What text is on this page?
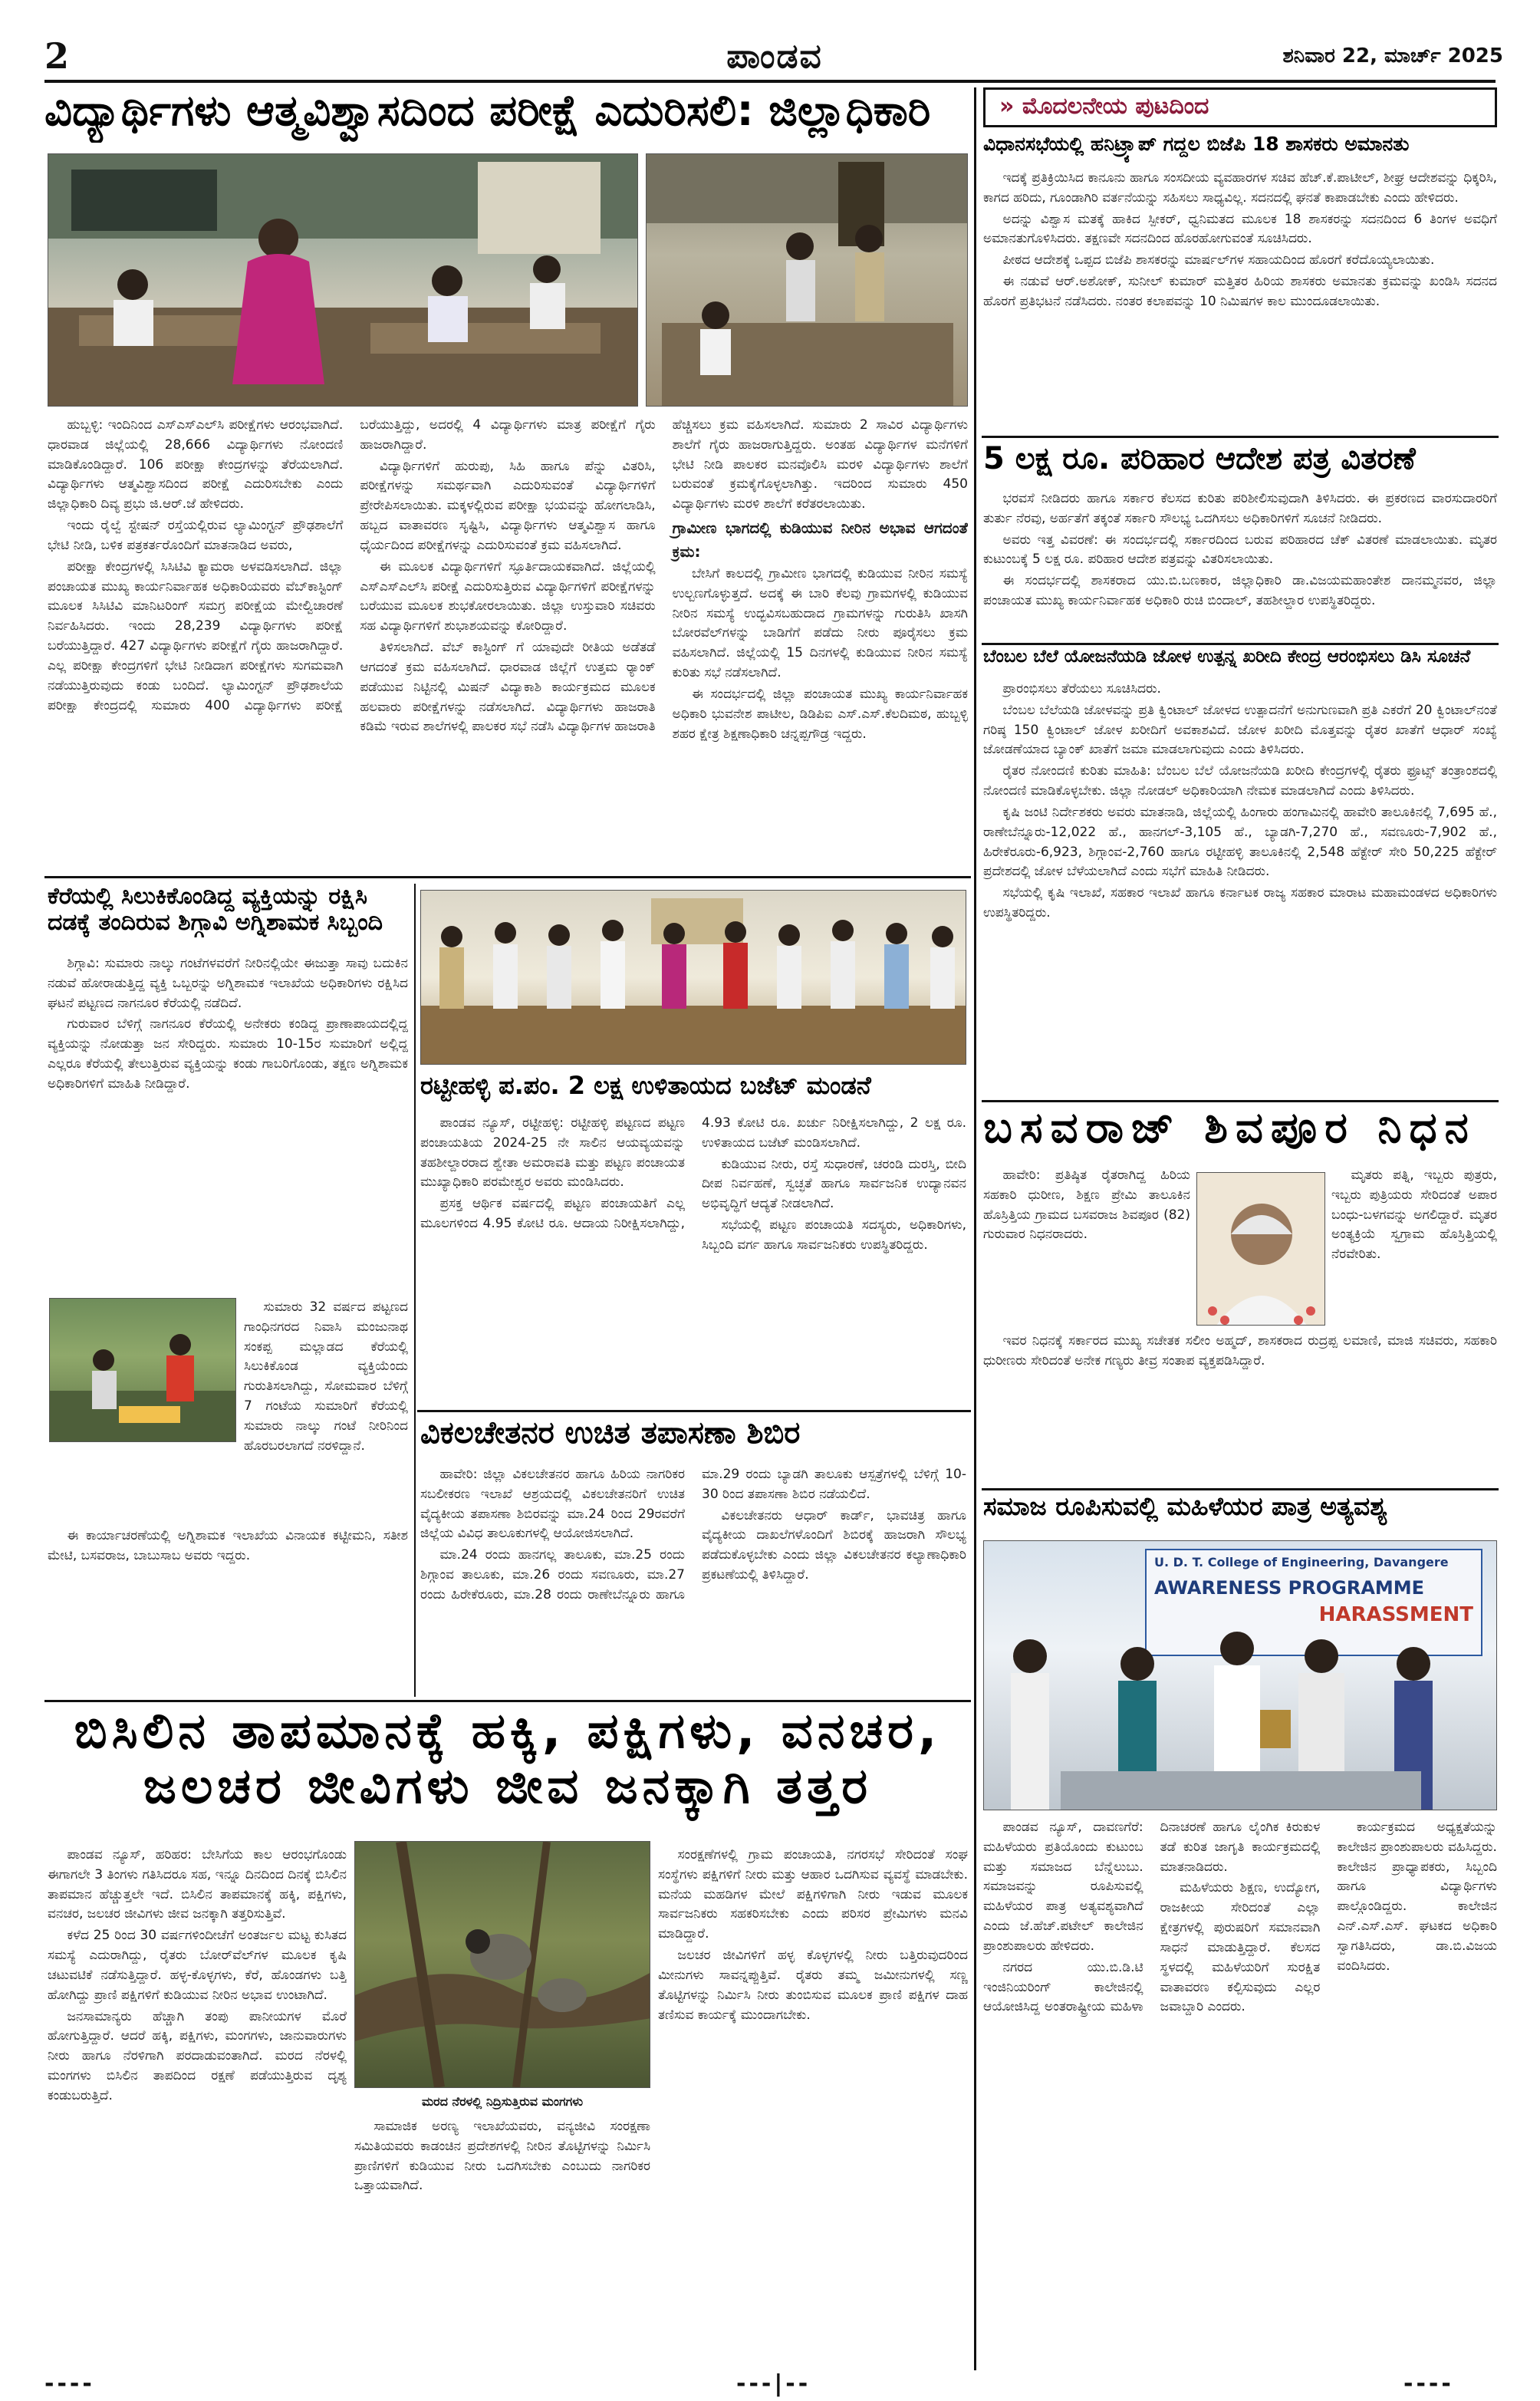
2	ಪಾಂಡವ	ಶನಿವಾರ 22, ಮಾರ್ಚ್ 2025
ವಿದ್ಯಾರ್ಥಿಗಳು ಆತ್ಮವಿಶ್ವಾಸದಿಂದ ಪರೀಕ್ಷೆ ಎದುರಿಸಲಿ: ಜಿಲ್ಲಾಧಿಕಾರಿ

ಹುಬ್ಬಳ್ಳಿ: ಇಂದಿನಿಂದ ಎಸ್‌ಎಸ್‌ಎಲ್‌ಸಿ ಪರೀಕ್ಷೆಗಳು ಆರಂಭವಾಗಿದೆ. ಧಾರವಾಡ ಜಿಲ್ಲೆಯಲ್ಲಿ 28,666 ವಿದ್ಯಾರ್ಥಿಗಳು ನೋಂದಣಿ ಮಾಡಿಕೊಂಡಿದ್ದಾರೆ. 106 ಪರೀಕ್ಷಾ ಕೇಂದ್ರಗಳನ್ನು ತೆರೆಯಲಾಗಿದೆ. ವಿದ್ಯಾರ್ಥಿಗಳು ಆತ್ಮವಿಶ್ವಾಸದಿಂದ ಪರೀಕ್ಷೆ ಎದುರಿಸಬೇಕು ಎಂದು ಜಿಲ್ಲಾಧಿಕಾರಿ ದಿವ್ಯ ಪ್ರಭು ಜಿ.ಆರ್.ಜೆ ಹೇಳಿದರು.

ಇಂದು ರೈಲ್ವೆ ಸ್ಟೇಷನ್ ರಸ್ತೆಯಲ್ಲಿರುವ ಲ್ಯಾಮಿಂಗ್ಟನ್ ಪ್ರೌಢಶಾಲೆಗೆ ಭೇಟಿ ನೀಡಿ, ಬಳಿಕ ಪತ್ರಕರ್ತರೊಂದಿಗೆ ಮಾತನಾಡಿದ ಅವರು,

ಪರೀಕ್ಷಾ ಕೇಂದ್ರಗಳಲ್ಲಿ ಸಿಸಿಟಿವಿ ಕ್ಯಾಮರಾ ಅಳವಡಿಸಲಾಗಿದೆ. ಜಿಲ್ಲಾ ಪಂಚಾಯತ ಮುಖ್ಯ ಕಾರ್ಯನಿರ್ವಾಹಕ ಅಧಿಕಾರಿಯವರು ವೆಬ್‌ಕಾಸ್ಟಿಂಗ್ ಮೂಲಕ ಸಿಸಿಟಿವಿ ಮಾನಿಟರಿಂಗ್ ಸಮಗ್ರ ಪರೀಕ್ಷೆಯ ಮೇಲ್ವಿಚಾರಣೆ ನಿರ್ವಹಿಸಿದರು. ಇಂದು 28,239 ವಿದ್ಯಾರ್ಥಿಗಳು ಪರೀಕ್ಷೆ ಬರೆಯುತ್ತಿದ್ದಾರೆ. 427 ವಿದ್ಯಾರ್ಥಿಗಳು ಪರೀಕ್ಷೆಗೆ ಗೈರು ಹಾಜರಾಗಿದ್ದಾರೆ. ಎಲ್ಲ ಪರೀಕ್ಷಾ ಕೇಂದ್ರಗಳಿಗೆ ಭೇಟಿ ನೀಡಿದಾಗ ಪರೀಕ್ಷೆಗಳು ಸುಗಮವಾಗಿ ನಡೆಯುತ್ತಿರುವುದು ಕಂಡು ಬಂದಿದೆ. ಲ್ಯಾಮಿಂಗ್ಟನ್ ಪ್ರೌಢಶಾಲೆಯ ಪರೀಕ್ಷಾ ಕೇಂದ್ರದಲ್ಲಿ ಸುಮಾರು 400 ವಿದ್ಯಾರ್ಥಿಗಳು ಪರೀಕ್ಷೆ ಬರೆಯುತ್ತಿದ್ದು, ಅದರಲ್ಲಿ 4 ವಿದ್ಯಾರ್ಥಿಗಳು ಮಾತ್ರ ಪರೀಕ್ಷೆಗೆ ಗೈರು ಹಾಜರಾಗಿದ್ದಾರೆ.

ವಿದ್ಯಾರ್ಥಿಗಳಿಗೆ ಹುರುಪು, ಸಿಹಿ ಹಾಗೂ ಪೆನ್ನು ವಿತರಿಸಿ, ಪರೀಕ್ಷೆಗಳನ್ನು ಸಮರ್ಥವಾಗಿ ಎದುರಿಸುವಂತೆ ವಿದ್ಯಾರ್ಥಿಗಳಿಗೆ ಪ್ರೇರೇಪಿಸಲಾಯಿತು. ಮಕ್ಕಳಲ್ಲಿರುವ ಪರೀಕ್ಷಾ ಭಯವನ್ನು ಹೋಗಲಾಡಿಸಿ, ಹಬ್ಬದ ವಾತಾವರಣ ಸೃಷ್ಟಿಸಿ, ವಿದ್ಯಾರ್ಥಿಗಳು ಆತ್ಮವಿಶ್ವಾಸ ಹಾಗೂ ಧೈರ್ಯದಿಂದ ಪರೀಕ್ಷೆಗಳನ್ನು ಎದುರಿಸುವಂತೆ ಕ್ರಮ ವಹಿಸಲಾಗಿದೆ.

ಈ ಮೂಲಕ ವಿದ್ಯಾರ್ಥಿಗಳಿಗೆ ಸ್ಫೂರ್ತಿದಾಯಕವಾಗಿದೆ. ಜಿಲ್ಲೆಯಲ್ಲಿ ಎಸ್‌ಎಸ್‌ಎಲ್‌ಸಿ ಪರೀಕ್ಷೆ ಎದುರಿಸುತ್ತಿರುವ ವಿದ್ಯಾರ್ಥಿಗಳಿಗೆ ಪರೀಕ್ಷೆಗಳನ್ನು ಬರೆಯುವ ಮೂಲಕ ಶುಭಕೋರಲಾಯಿತು. ಜಿಲ್ಲಾ ಉಸ್ತುವಾರಿ ಸಚಿವರು ಸಹ ವಿದ್ಯಾರ್ಥಿಗಳಿಗೆ ಶುಭಾಶಯವನ್ನು ಕೋರಿದ್ದಾರೆ.

ತಿಳಿಸಲಾಗಿದೆ. ವೆಬ್ ಕಾಸ್ಟಿಂಗ್ ಗೆ ಯಾವುದೇ ರೀತಿಯ ಅಡೆತಡೆ ಆಗದಂತೆ ಕ್ರಮ ವಹಿಸಲಾಗಿದೆ. ಧಾರವಾಡ ಜಿಲ್ಲೆಗೆ ಉತ್ತಮ ರ್‍ಯಾಂಕ್ ಪಡೆಯುವ ನಿಟ್ಟಿನಲ್ಲಿ ಮಿಷನ್ ವಿದ್ಯಾಕಾಶಿ ಕಾರ್ಯಕ್ರಮದ ಮೂಲಕ ಹಲವಾರು ಪರೀಕ್ಷೆಗಳನ್ನು ನಡೆಸಲಾಗಿದೆ. ವಿದ್ಯಾರ್ಥಿಗಳು ಹಾಜರಾತಿ ಕಡಿಮೆ ಇರುವ ಶಾಲೆಗಳಲ್ಲಿ ಪಾಲಕರ ಸಭೆ ನಡೆಸಿ ವಿದ್ಯಾರ್ಥಿಗಳ ಹಾಜರಾತಿ ಹೆಚ್ಚಿಸಲು ಕ್ರಮ ವಹಿಸಲಾಗಿದೆ. ಸುಮಾರು 2 ಸಾವಿರ ವಿದ್ಯಾರ್ಥಿಗಳು ಶಾಲೆಗೆ ಗೈರು ಹಾಜರಾಗುತ್ತಿದ್ದರು. ಅಂತಹ ವಿದ್ಯಾರ್ಥಿಗಳ ಮನೆಗಳಿಗೆ ಭೇಟಿ ನೀಡಿ ಪಾಲಕರ ಮನವೊಲಿಸಿ ಮರಳಿ ವಿದ್ಯಾರ್ಥಿಗಳು ಶಾಲೆಗೆ ಬರುವಂತೆ ಕ್ರಮಕೈಗೊಳ್ಳಲಾಗಿತ್ತು. ಇದರಿಂದ ಸುಮಾರು 450 ವಿದ್ಯಾರ್ಥಿಗಳು ಮರಳಿ ಶಾಲೆಗೆ ಕರೆತರಲಾಯಿತು.

ಗ್ರಾಮೀಣ ಭಾಗದಲ್ಲಿ ಕುಡಿಯುವ ನೀರಿನ ಅಭಾವ ಆಗದಂತೆ ಕ್ರಮ:

ಬೇಸಿಗೆ ಕಾಲದಲ್ಲಿ ಗ್ರಾಮೀಣ ಭಾಗದಲ್ಲಿ ಕುಡಿಯುವ ನೀರಿನ ಸಮಸ್ಯೆ ಉಲ್ಬಣಗೊಳ್ಳುತ್ತದೆ. ಅದಕ್ಕೆ ಈ ಬಾರಿ ಕೆಲವು ಗ್ರಾಮಗಳಲ್ಲಿ ಕುಡಿಯುವ ನೀರಿನ ಸಮಸ್ಯೆ ಉದ್ಭವಿಸಬಹುದಾದ ಗ್ರಾಮಗಳನ್ನು ಗುರುತಿಸಿ ಖಾಸಗಿ ಬೋರವೆಲ್‌ಗಳನ್ನು ಬಾಡಿಗೆಗೆ ಪಡೆದು ನೀರು ಪೂರೈಸಲು ಕ್ರಮ ವಹಿಸಲಾಗಿದೆ. ಜಿಲ್ಲೆಯಲ್ಲಿ 15 ದಿನಗಳಲ್ಲಿ ಕುಡಿಯುವ ನೀರಿನ ಸಮಸ್ಯೆ ಕುರಿತು ಸಭೆ ನಡೆಸಲಾಗಿದೆ.

ಈ ಸಂದರ್ಭದಲ್ಲಿ ಜಿಲ್ಲಾ ಪಂಚಾಯತ ಮುಖ್ಯ ಕಾರ್ಯನಿರ್ವಾಹಕ ಅಧಿಕಾರಿ ಭುವನೇಶ ಪಾಟೀಲ, ಡಿಡಿಪಿಐ ಎಸ್.ಎಸ್.ಕೆಲದಿಮಠ, ಹುಬ್ಬಳ್ಳಿ ಶಹರ ಕ್ಷೇತ್ರ ಶಿಕ್ಷಣಾಧಿಕಾರಿ ಚನ್ನಪ್ಪಗೌಡ್ರ ಇದ್ದರು.

ಕೆರೆಯಲ್ಲಿ ಸಿಲುಕಿಕೊಂಡಿದ್ದ ವ್ಯಕ್ತಿಯನ್ನು ರಕ್ಷಿಸಿ ದಡಕ್ಕೆ ತಂದಿರುವ ಶಿಗ್ಗಾವಿ ಅಗ್ನಿಶಾಮಕ ಸಿಬ್ಬಂದಿ

ಶಿಗ್ಗಾವಿ: ಸುಮಾರು ನಾಲ್ಕು ಗಂಟೆಗಳವರೆಗೆ ನೀರಿನಲ್ಲಿಯೇ ಈಜುತ್ತಾ ಸಾವು ಬದುಕಿನ ನಡುವೆ ಹೋರಾಡುತ್ತಿದ್ದ ವ್ಯಕ್ತಿ ಒಬ್ಬರನ್ನು ಅಗ್ನಿಶಾಮಕ ಇಲಾಖೆಯ ಅಧಿಕಾರಿಗಳು ರಕ್ಷಿಸಿದ ಘಟನೆ ಪಟ್ಟಣದ ನಾಗನೂರ ಕೆರೆಯಲ್ಲಿ ನಡೆದಿದೆ.

ಗುರುವಾರ ಬೆಳಿಗ್ಗೆ ನಾಗನೂರ ಕೆರೆಯಲ್ಲಿ ಅನೇಕರು ಕಂಡಿದ್ದ ಪ್ರಾಣಾಪಾಯದಲ್ಲಿದ್ದ ವ್ಯಕ್ತಿಯನ್ನು ನೋಡುತ್ತಾ ಜನ ಸೇರಿದ್ದರು. ಸುಮಾರು 10-15ರ ಸುಮಾರಿಗೆ ಅಲ್ಲಿದ್ದ ಎಲ್ಲರೂ ಕೆರೆಯಲ್ಲಿ ತೇಲುತ್ತಿರುವ ವ್ಯಕ್ತಿಯನ್ನು ಕಂಡು ಗಾಬರಿಗೊಂಡು, ತಕ್ಷಣ ಅಗ್ನಿಶಾಮಕ ಅಧಿಕಾರಿಗಳಿಗೆ ಮಾಹಿತಿ ನೀಡಿದ್ದಾರೆ.

ಸುಮಾರು 32 ವರ್ಷದ ಪಟ್ಟಣದ ಗಾಂಧಿನಗರದ ನಿವಾಸಿ ಮಂಜುನಾಥ ಸಂಕಪ್ಪ ಮಲ್ಲಾಡದ ಕೆರೆಯಲ್ಲಿ ಸಿಲುಕಿಕೊಂಡ ವ್ಯಕ್ತಿಯೆಂದು ಗುರುತಿಸಲಾಗಿದ್ದು, ಸೋಮವಾರ ಬೆಳಿಗ್ಗೆ 7 ಗಂಟೆಯ ಸುಮಾರಿಗೆ ಕೆರೆಯಲ್ಲಿ ಸುಮಾರು ನಾಲ್ಕು ಗಂಟೆ ನೀರಿನಿಂದ ಹೊರಬರಲಾಗದೆ ನರಳಿದ್ದಾನೆ.

ಈ ಕಾರ್ಯಾಚರಣೆಯಲ್ಲಿ ಅಗ್ನಿಶಾಮಕ ಇಲಾಖೆಯ ವಿನಾಯಕ ಕಟ್ಟೀಮನಿ, ಸತೀಶ ಮೇಟಿ, ಬಸವರಾಜ, ಬಾಬುಸಾಬ ಅವರು ಇದ್ದರು.

ರಟ್ಟೀಹಳ್ಳಿ ಪ.ಪಂ. 2 ಲಕ್ಷ ಉಳಿತಾಯದ ಬಜೆಟ್ ಮಂಡನೆ

ಪಾಂಡವ ನ್ಯೂಸ್, ರಟ್ಟೀಹಳ್ಳಿ: ರಟ್ಟೀಹಳ್ಳಿ ಪಟ್ಟಣದ ಪಟ್ಟಣ ಪಂಚಾಯತಿಯ 2024-25 ನೇ ಸಾಲಿನ ಆಯವ್ಯಯವನ್ನು ತಹಶೀಲ್ದಾರರಾದ ಶ್ವೇತಾ ಅಮರಾವತಿ ಮತ್ತು ಪಟ್ಟಣ ಪಂಚಾಯತ ಮುಖ್ಯಾಧಿಕಾರಿ ಪರಮೇಶ್ವರ ಅವರು ಮಂಡಿಸಿದರು.

ಪ್ರಸಕ್ತ ಆರ್ಥಿಕ ವರ್ಷದಲ್ಲಿ ಪಟ್ಟಣ ಪಂಚಾಯತಿಗೆ ಎಲ್ಲ ಮೂಲಗಳಿಂದ 4.95 ಕೋಟಿ ರೂ. ಆದಾಯ ನಿರೀಕ್ಷಿಸಲಾಗಿದ್ದು, 4.93 ಕೋಟಿ ರೂ. ಖರ್ಚು ನಿರೀಕ್ಷಿಸಲಾಗಿದ್ದು, 2 ಲಕ್ಷ ರೂ. ಉಳಿತಾಯದ ಬಜೆಟ್ ಮಂಡಿಸಲಾಗಿದೆ.

ಕುಡಿಯುವ ನೀರು, ರಸ್ತೆ ಸುಧಾರಣೆ, ಚರಂಡಿ ದುರಸ್ತಿ, ಬೀದಿ ದೀಪ ನಿರ್ವಹಣೆ, ಸ್ವಚ್ಛತೆ ಹಾಗೂ ಸಾರ್ವಜನಿಕ ಉದ್ಯಾನವನ ಅಭಿವೃದ್ಧಿಗೆ ಆದ್ಯತೆ ನೀಡಲಾಗಿದೆ.

ಸಭೆಯಲ್ಲಿ ಪಟ್ಟಣ ಪಂಚಾಯತಿ ಸದಸ್ಯರು, ಅಧಿಕಾರಿಗಳು, ಸಿಬ್ಬಂದಿ ವರ್ಗ ಹಾಗೂ ಸಾರ್ವಜನಿಕರು ಉಪಸ್ಥಿತರಿದ್ದರು.

ವಿಕಲಚೇತನರ ಉಚಿತ ತಪಾಸಣಾ ಶಿಬಿರ

ಹಾವೇರಿ: ಜಿಲ್ಲಾ ವಿಕಲಚೇತನರ ಹಾಗೂ ಹಿರಿಯ ನಾಗರಿಕರ ಸಬಲೀಕರಣ ಇಲಾಖೆ ಆಶ್ರಯದಲ್ಲಿ ವಿಕಲಚೇತನರಿಗೆ ಉಚಿತ ವೈದ್ಯಕೀಯ ತಪಾಸಣಾ ಶಿಬಿರವನ್ನು ಮಾ.24 ರಿಂದ 29ರವರೆಗೆ ಜಿಲ್ಲೆಯ ವಿವಿಧ ತಾಲೂಕುಗಳಲ್ಲಿ ಆಯೋಜಿಸಲಾಗಿದೆ.

ಮಾ.24 ರಂದು ಹಾನಗಲ್ಲ ತಾಲೂಕು, ಮಾ.25 ರಂದು ಶಿಗ್ಗಾಂವ ತಾಲೂಕು, ಮಾ.26 ರಂದು ಸವಣೂರು, ಮಾ.27 ರಂದು ಹಿರೇಕೆರೂರು, ಮಾ.28 ರಂದು ರಾಣೇಬೆನ್ನೂರು ಹಾಗೂ ಮಾ.29 ರಂದು ಬ್ಯಾಡಗಿ ತಾಲೂಕು ಆಸ್ಪತ್ರೆಗಳಲ್ಲಿ ಬೆಳಿಗ್ಗೆ 10-30 ರಿಂದ ತಪಾಸಣಾ ಶಿಬಿರ ನಡೆಯಲಿದೆ.

ವಿಕಲಚೇತನರು ಆಧಾರ್ ಕಾರ್ಡ್, ಭಾವಚಿತ್ರ ಹಾಗೂ ವೈದ್ಯಕೀಯ ದಾಖಲೆಗಳೊಂದಿಗೆ ಶಿಬಿರಕ್ಕೆ ಹಾಜರಾಗಿ ಸೌಲಭ್ಯ ಪಡೆದುಕೊಳ್ಳಬೇಕು ಎಂದು ಜಿಲ್ಲಾ ವಿಕಲಚೇತನರ ಕಲ್ಯಾಣಾಧಿಕಾರಿ ಪ್ರಕಟಣೆಯಲ್ಲಿ ತಿಳಿಸಿದ್ದಾರೆ.

ಬಿಸಿಲಿನ ತಾಪಮಾನಕ್ಕೆ ಹಕ್ಕಿ, ಪಕ್ಷಿಗಳು, ವನಚರ, ಜಲಚರ ಜೀವಿಗಳು ಜೀವ ಜನಕ್ಕಾಗಿ ತತ್ತರ

ಪಾಂಡವ ನ್ಯೂಸ್, ಹರಿಹರ: ಬೇಸಿಗೆಯ ಕಾಲ ಆರಂಭಗೊಂಡು ಈಗಾಗಲೇ 3 ತಿಂಗಳು ಗತಿಸಿದರೂ ಸಹ, ಇನ್ನೂ ದಿನದಿಂದ ದಿನಕ್ಕೆ ಬಿಸಿಲಿನ ತಾಪಮಾನ ಹೆಚ್ಚುತ್ತಲೇ ಇದೆ. ಬಿಸಿಲಿನ ತಾಪಮಾನಕ್ಕೆ ಹಕ್ಕಿ, ಪಕ್ಷಿಗಳು, ವನಚರ, ಜಲಚರ ಜೀವಿಗಳು ಜೀವ ಜನಕ್ಕಾಗಿ ತತ್ತರಿಸುತ್ತಿವೆ.

ಕಳೆದ 25 ರಿಂದ 30 ವರ್ಷಗಳಿಂದೀಚೆಗೆ ಅಂತರ್ಜಲ ಮಟ್ಟ ಕುಸಿತದ ಸಮಸ್ಯೆ ಎದುರಾಗಿದ್ದು, ರೈತರು ಬೋರ್‌ವೆಲ್‌ಗಳ ಮೂಲಕ ಕೃಷಿ ಚಟುವಟಿಕೆ ನಡೆಸುತ್ತಿದ್ದಾರೆ. ಹಳ್ಳ-ಕೊಳ್ಳಗಳು, ಕೆರೆ, ಹೊಂಡಗಳು ಬತ್ತಿ ಹೋಗಿದ್ದು ಪ್ರಾಣಿ ಪಕ್ಷಿಗಳಿಗೆ ಕುಡಿಯುವ ನೀರಿನ ಅಭಾವ ಉಂಟಾಗಿದೆ.

ಜನಸಾಮಾನ್ಯರು ಹೆಚ್ಚಾಗಿ ತಂಪು ಪಾನೀಯಗಳ ಮೊರೆ ಹೋಗುತ್ತಿದ್ದಾರೆ. ಆದರೆ ಹಕ್ಕಿ, ಪಕ್ಷಿಗಳು, ಮಂಗಗಳು, ಜಾನುವಾರುಗಳು ನೀರು ಹಾಗೂ ನೆರಳಿಗಾಗಿ ಪರದಾಡುವಂತಾಗಿದೆ. ಮರದ ನೆರಳಲ್ಲಿ ಮಂಗಗಳು ಬಿಸಿಲಿನ ತಾಪದಿಂದ ರಕ್ಷಣೆ ಪಡೆಯುತ್ತಿರುವ ದೃಶ್ಯ ಕಂಡುಬರುತ್ತಿದೆ.	ಮರದ ನೆರಳಲ್ಲಿ ನಿದ್ರಿಸುತ್ತಿರುವ ಮಂಗಗಳು

ಸಾಮಾಜಿಕ ಅರಣ್ಯ ಇಲಾಖೆಯವರು, ವನ್ಯಜೀವಿ ಸಂರಕ್ಷಣಾ ಸಮಿತಿಯವರು ಕಾಡಂಚಿನ ಪ್ರದೇಶಗಳಲ್ಲಿ ನೀರಿನ ತೊಟ್ಟಿಗಳನ್ನು ನಿರ್ಮಿಸಿ ಪ್ರಾಣಿಗಳಿಗೆ ಕುಡಿಯುವ ನೀರು ಒದಗಿಸಬೇಕು ಎಂಬುದು ನಾಗರಿಕರ ಒತ್ತಾಯವಾಗಿದೆ.

ಸಂರಕ್ಷಣೆಗಳಲ್ಲಿ ಗ್ರಾಮ ಪಂಚಾಯತಿ, ನಗರಸಭೆ ಸೇರಿದಂತೆ ಸಂಘ ಸಂಸ್ಥೆಗಳು ಪಕ್ಷಿಗಳಿಗೆ ನೀರು ಮತ್ತು ಆಹಾರ ಒದಗಿಸುವ ವ್ಯವಸ್ಥೆ ಮಾಡಬೇಕು. ಮನೆಯ ಮಹಡಿಗಳ ಮೇಲೆ ಪಕ್ಷಿಗಳಿಗಾಗಿ ನೀರು ಇಡುವ ಮೂಲಕ ಸಾರ್ವಜನಿಕರು ಸಹಕರಿಸಬೇಕು ಎಂದು ಪರಿಸರ ಪ್ರೇಮಿಗಳು ಮನವಿ ಮಾಡಿದ್ದಾರೆ.

ಜಲಚರ ಜೀವಿಗಳಿಗೆ ಹಳ್ಳ ಕೊಳ್ಳಗಳಲ್ಲಿ ನೀರು ಬತ್ತಿರುವುದರಿಂದ ಮೀನುಗಳು ಸಾವನ್ನಪ್ಪುತ್ತಿವೆ. ರೈತರು ತಮ್ಮ ಜಮೀನುಗಳಲ್ಲಿ ಸಣ್ಣ ತೊಟ್ಟಿಗಳನ್ನು ನಿರ್ಮಿಸಿ ನೀರು ತುಂಬಿಸುವ ಮೂಲಕ ಪ್ರಾಣಿ ಪಕ್ಷಿಗಳ ದಾಹ ತಣಿಸುವ ಕಾರ್ಯಕ್ಕೆ ಮುಂದಾಗಬೇಕು.

» ಮೊದಲನೇಯ ಪುಟದಿಂದ
ವಿಧಾನಸಭೆಯಲ್ಲಿ ಹನಿಟ್ರ್ಯಾಪ್ ಗದ್ದಲ ಬಿಜೆಪಿ 18 ಶಾಸಕರು ಅಮಾನತು

ಇದಕ್ಕೆ ಪ್ರತಿಕ್ರಿಯಿಸಿದ ಕಾನೂನು ಹಾಗೂ ಸಂಸದೀಯ ವ್ಯವಹಾರಗಳ ಸಚಿವ ಹೆಚ್.ಕೆ.ಪಾಟೀಲ್, ಶೀಘ್ರ ಆದೇಶವನ್ನು ಧಿಕ್ಕರಿಸಿ, ಕಾಗದ ಹರಿದು, ಗೂಂಡಾಗಿರಿ ವರ್ತನೆಯನ್ನು ಸಹಿಸಲು ಸಾಧ್ಯವಿಲ್ಲ. ಸದನದಲ್ಲಿ ಘನತೆ ಕಾಪಾಡಬೇಕು ಎಂದು ಹೇಳಿದರು.

ಅದನ್ನು ವಿಶ್ವಾಸ ಮತಕ್ಕೆ ಹಾಕಿದ ಸ್ಪೀಕರ್, ಧ್ವನಿಮತದ ಮೂಲಕ 18 ಶಾಸಕರನ್ನು ಸದನದಿಂದ 6 ತಿಂಗಳ ಅವಧಿಗೆ ಅಮಾನತುಗೊಳಿಸಿದರು. ತಕ್ಷಣವೇ ಸದನದಿಂದ ಹೊರಹೋಗುವಂತೆ ಸೂಚಿಸಿದರು.

ಪೀಠದ ಆದೇಶಕ್ಕೆ ಒಪ್ಪದ ಬಿಜೆಪಿ ಶಾಸಕರನ್ನು ಮಾರ್ಷಲ್‌ಗಳ ಸಹಾಯದಿಂದ ಹೊರಗೆ ಕರೆದೊಯ್ಯಲಾಯಿತು.

ಈ ನಡುವೆ ಆರ್.ಅಶೋಕ್, ಸುನೀಲ್ ಕುಮಾರ್ ಮತ್ತಿತರ ಹಿರಿಯ ಶಾಸಕರು ಅಮಾನತು ಕ್ರಮವನ್ನು ಖಂಡಿಸಿ ಸದನದ ಹೊರಗೆ ಪ್ರತಿಭಟನೆ ನಡೆಸಿದರು. ನಂತರ ಕಲಾಪವನ್ನು 10 ನಿಮಿಷಗಳ ಕಾಲ ಮುಂದೂಡಲಾಯಿತು.

5 ಲಕ್ಷ ರೂ. ಪರಿಹಾರ ಆದೇಶ ಪತ್ರ ವಿತರಣೆ

ಭರವಸೆ ನೀಡಿದರು ಹಾಗೂ ಸರ್ಕಾರ ಕೆಲಸದ ಕುರಿತು ಪರಿಶೀಲಿಸುವುದಾಗಿ ತಿಳಿಸಿದರು. ಈ ಪ್ರಕರಣದ ವಾರಸುದಾರರಿಗೆ ತುರ್ತು ನೆರವು, ಅರ್ಹತೆಗೆ ತಕ್ಕಂತೆ ಸರ್ಕಾರಿ ಸೌಲಭ್ಯ ಒದಗಿಸಲು ಅಧಿಕಾರಿಗಳಿಗೆ ಸೂಚನೆ ನೀಡಿದರು.

ಅವರು ಇತ್ತ ವಿವರಣೆ: ಈ ಸಂದರ್ಭದಲ್ಲಿ ಸರ್ಕಾರದಿಂದ ಬರುವ ಪರಿಹಾರದ ಚೆಕ್ ವಿತರಣೆ ಮಾಡಲಾಯಿತು. ಮೃತರ ಕುಟುಂಬಕ್ಕೆ 5 ಲಕ್ಷ ರೂ. ಪರಿಹಾರ ಆದೇಶ ಪತ್ರವನ್ನು ವಿತರಿಸಲಾಯಿತು.

ಈ ಸಂದರ್ಭದಲ್ಲಿ ಶಾಸಕರಾದ ಯು.ಬಿ.ಬಣಕಾರ, ಜಿಲ್ಲಾಧಿಕಾರಿ ಡಾ.ವಿಜಯಮಹಾಂತೇಶ ದಾನಮ್ಮನವರ, ಜಿಲ್ಲಾ ಪಂಚಾಯತ ಮುಖ್ಯ ಕಾರ್ಯನಿರ್ವಾಹಕ ಅಧಿಕಾರಿ ರುಚಿ ಬಿಂದಾಲ್, ತಹಶೀಲ್ದಾರ ಉಪಸ್ಥಿತರಿದ್ದರು.

ಬೆಂಬಲ ಬೆಲೆ ಯೋಜನೆಯಡಿ ಜೋಳ ಉತ್ಪನ್ನ ಖರೀದಿ ಕೇಂದ್ರ ಆರಂಭಿಸಲು ಡಿಸಿ ಸೂಚನೆ

ಪ್ರಾರಂಭಿಸಲು ತೆರೆಯಲು ಸೂಚಿಸಿದರು.

ಬೆಂಬಲ ಬೆಲೆಯಡಿ ಜೋಳವನ್ನು ಪ್ರತಿ ಕ್ವಿಂಟಾಲ್ ಜೋಳದ ಉತ್ಪಾದನೆಗೆ ಅನುಗುಣವಾಗಿ ಪ್ರತಿ ಎಕರೆಗೆ 20 ಕ್ವಿಂಟಾಲ್‌ನಂತೆ ಗರಿಷ್ಠ 150 ಕ್ವಿಂಟಾಲ್ ಜೋಳ ಖರೀದಿಗೆ ಅವಕಾಶವಿದೆ. ಜೋಳ ಖರೀದಿ ಮೊತ್ತವನ್ನು ರೈತರ ಖಾತೆಗೆ ಆಧಾರ್ ಸಂಖ್ಯೆ ಜೋಡಣೆಯಾದ ಬ್ಯಾಂಕ್ ಖಾತೆಗೆ ಜಮಾ ಮಾಡಲಾಗುವುದು ಎಂದು ತಿಳಿಸಿದರು.

ರೈತರ ನೋಂದಣಿ ಕುರಿತು ಮಾಹಿತಿ: ಬೆಂಬಲ ಬೆಲೆ ಯೋಜನೆಯಡಿ ಖರೀದಿ ಕೇಂದ್ರಗಳಲ್ಲಿ ರೈತರು ಫ್ರೂಟ್ಸ್ ತಂತ್ರಾಂಶದಲ್ಲಿ ನೋಂದಣಿ ಮಾಡಿಕೊಳ್ಳಬೇಕು. ಜಿಲ್ಲಾ ನೋಡಲ್ ಅಧಿಕಾರಿಯಾಗಿ ನೇಮಕ ಮಾಡಲಾಗಿದೆ ಎಂದು ತಿಳಿಸಿದರು.

ಕೃಷಿ ಜಂಟಿ ನಿರ್ದೇಶಕರು ಅವರು ಮಾತನಾಡಿ, ಜಿಲ್ಲೆಯಲ್ಲಿ ಹಿಂಗಾರು ಹಂಗಾಮಿನಲ್ಲಿ ಹಾವೇರಿ ತಾಲೂಕಿನಲ್ಲಿ 7,695 ಹೆ., ರಾಣೇಬೆನ್ನೂರು-12,022 ಹೆ., ಹಾನಗಲ್-3,105 ಹೆ., ಬ್ಯಾಡಗಿ-7,270 ಹೆ., ಸವಣೂರು-7,902 ಹೆ., ಹಿರೇಕೆರೂರು-6,923, ಶಿಗ್ಗಾಂವ-2,760 ಹಾಗೂ ರಟ್ಟೀಹಳ್ಳಿ ತಾಲೂಕಿನಲ್ಲಿ 2,548 ಹೆಕ್ಟೇರ್ ಸೇರಿ 50,225 ಹೆಕ್ಟೇರ್ ಪ್ರದೇಶದಲ್ಲಿ ಜೋಳ ಬೆಳೆಯಲಾಗಿದೆ ಎಂದು ಸಭೆಗೆ ಮಾಹಿತಿ ನೀಡಿದರು.

ಸಭೆಯಲ್ಲಿ ಕೃಷಿ ಇಲಾಖೆ, ಸಹಕಾರ ಇಲಾಖೆ ಹಾಗೂ ಕರ್ನಾಟಕ ರಾಜ್ಯ ಸಹಕಾರ ಮಾರಾಟ ಮಹಾಮಂಡಳದ ಅಧಿಕಾರಿಗಳು ಉಪಸ್ಥಿತರಿದ್ದರು.

ಬಸವರಾಜ್ ಶಿವಪೂರ ನಿಧನ

ಹಾವೇರಿ: ಪ್ರತಿಷ್ಠಿತ ರೈತರಾಗಿದ್ದ ಹಿರಿಯ ಸಹಕಾರಿ ಧುರೀಣ, ಶಿಕ್ಷಣ ಪ್ರೇಮಿ ತಾಲೂಕಿನ ಹೊಸ್ರಿತ್ತಿಯ ಗ್ರಾಮದ ಬಸವರಾಜ ಶಿವಪೂರ (82) ಗುರುವಾರ ನಿಧನರಾದರು.

ಮೃತರು ಪತ್ನಿ, ಇಬ್ಬರು ಪುತ್ರರು, ಇಬ್ಬರು ಪುತ್ರಿಯರು ಸೇರಿದಂತೆ ಅಪಾರ ಬಂಧು-ಬಳಗವನ್ನು ಅಗಲಿದ್ದಾರೆ. ಮೃತರ ಅಂತ್ಯಕ್ರಿಯೆ ಸ್ವಗ್ರಾಮ ಹೊಸ್ರಿತ್ತಿಯಲ್ಲಿ ನೆರವೇರಿತು.

ಇವರ ನಿಧನಕ್ಕೆ ಸರ್ಕಾರದ ಮುಖ್ಯ ಸಚೇತಕ ಸಲೀಂ ಅಹ್ಮದ್, ಶಾಸಕರಾದ ರುದ್ರಪ್ಪ ಲಮಾಣಿ, ಮಾಜಿ ಸಚಿವರು, ಸಹಕಾರಿ ಧುರೀಣರು ಸೇರಿದಂತೆ ಅನೇಕ ಗಣ್ಯರು ತೀವ್ರ ಸಂತಾಪ ವ್ಯಕ್ತಪಡಿಸಿದ್ದಾರೆ.

ಸಮಾಜ ರೂಪಿಸುವಲ್ಲಿ ಮಹಿಳೆಯರ ಪಾತ್ರ ಅತ್ಯವಶ್ಯ
U. D. T. College of Engineering, Davangere
AWARENESS PROGRAMME
HARASSMENT

ಪಾಂಡವ ನ್ಯೂಸ್, ದಾವಣಗೆರೆ: ಮಹಿಳೆಯರು ಪ್ರತಿಯೊಂದು ಕುಟುಂಬ ಮತ್ತು ಸಮಾಜದ ಬೆನ್ನೆಲುಬು. ಸಮಾಜವನ್ನು ರೂಪಿಸುವಲ್ಲಿ ಮಹಿಳೆಯರ ಪಾತ್ರ ಅತ್ಯವಶ್ಯವಾಗಿದೆ ಎಂದು ಜೆ.ಹೆಚ್.ಪಟೇಲ್ ಕಾಲೇಜಿನ ಪ್ರಾಂಶುಪಾಲರು ಹೇಳಿದರು.

ನಗರದ ಯು.ಬಿ.ಡಿ.ಟಿ ಇಂಜಿನಿಯರಿಂಗ್ ಕಾಲೇಜಿನಲ್ಲಿ ಆಯೋಜಿಸಿದ್ದ ಅಂತರಾಷ್ಟ್ರೀಯ ಮಹಿಳಾ ದಿನಾಚರಣೆ ಹಾಗೂ ಲೈಂಗಿಕ ಕಿರುಕುಳ ತಡೆ ಕುರಿತ ಜಾಗೃತಿ ಕಾರ್ಯಕ್ರಮದಲ್ಲಿ ಮಾತನಾಡಿದರು.

ಮಹಿಳೆಯರು ಶಿಕ್ಷಣ, ಉದ್ಯೋಗ, ರಾಜಕೀಯ ಸೇರಿದಂತೆ ಎಲ್ಲಾ ಕ್ಷೇತ್ರಗಳಲ್ಲಿ ಪುರುಷರಿಗೆ ಸಮಾನವಾಗಿ ಸಾಧನೆ ಮಾಡುತ್ತಿದ್ದಾರೆ. ಕೆಲಸದ ಸ್ಥಳದಲ್ಲಿ ಮಹಿಳೆಯರಿಗೆ ಸುರಕ್ಷಿತ ವಾತಾವರಣ ಕಲ್ಪಿಸುವುದು ಎಲ್ಲರ ಜವಾಬ್ದಾರಿ ಎಂದರು.

ಕಾರ್ಯಕ್ರಮದ ಅಧ್ಯಕ್ಷತೆಯನ್ನು ಕಾಲೇಜಿನ ಪ್ರಾಂಶುಪಾಲರು ವಹಿಸಿದ್ದರು. ಕಾಲೇಜಿನ ಪ್ರಾಧ್ಯಾಪಕರು, ಸಿಬ್ಬಂದಿ ಹಾಗೂ ವಿದ್ಯಾರ್ಥಿಗಳು ಪಾಲ್ಗೊಂಡಿದ್ದರು. ಕಾಲೇಜಿನ ಎನ್.ಎಸ್.ಎಸ್. ಘಟಕದ ಅಧಿಕಾರಿ ಸ್ವಾಗತಿಸಿದರು, ಡಾ.ಬಿ.ವಿಜಯ ವಂದಿಸಿದರು.

----	---|--	----
